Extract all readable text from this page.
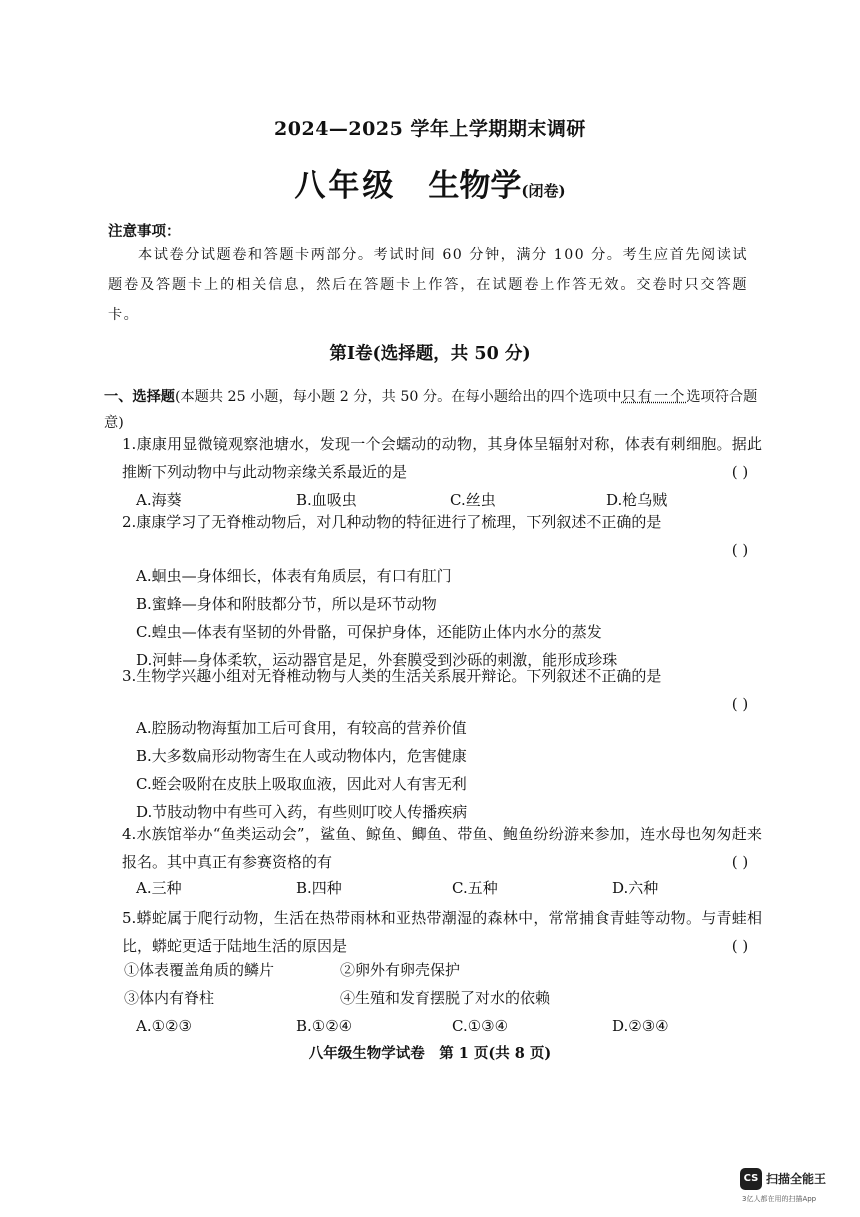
2024—2025 学年上学期期末调研
八年级 生物学(闭卷)
注意事项：
本试卷分试题卷和答题卡两部分。考试时间 60 分钟，满分 100 分。考生应首先阅读试题卷及答题卡上的相关信息，然后在答题卡上作答，在试题卷上作答无效。交卷时只交答题卡。
第Ⅰ卷(选择题，共 50 分)
一、选择题(本题共 25 小题，每小题 2 分，共 50 分。在每小题给出的四个选项中只有一个选项符合题意)
1.康康用显微镜观察池塘水，发现一个会蠕动的动物，其身体呈辐射对称，体表有刺细胞。据此推断下列动物中与此动物亲缘关系最近的是	( )
A.海葵	B.血吸虫	C.丝虫	D.枪乌贼
2.康康学习了无脊椎动物后，对几种动物的特征进行了梳理，下列叙述不正确的是
( )
A.蛔虫—身体细长，体表有角质层，有口有肛门
B.蜜蜂—身体和附肢都分节，所以是环节动物
C.蝗虫—体表有坚韧的外骨骼，可保护身体，还能防止体内水分的蒸发
D.河蚌—身体柔软，运动器官是足，外套膜受到沙砾的刺激，能形成珍珠
3.生物学兴趣小组对无脊椎动物与人类的生活关系展开辩论。下列叙述不正确的是
( )
A.腔肠动物海蜇加工后可食用，有较高的营养价值
B.大多数扁形动物寄生在人或动物体内，危害健康
C.蛭会吸附在皮肤上吸取血液，因此对人有害无利
D.节肢动物中有些可入药，有些则叮咬人传播疾病
4.水族馆举办“鱼类运动会”，鲨鱼、鲸鱼、鲫鱼、带鱼、鲍鱼纷纷游来参加，连水母也匆匆赶来报名。其中真正有参赛资格的有	( )
A.三种	B.四种	C.五种	D.六种
5.蟒蛇属于爬行动物，生活在热带雨林和亚热带潮湿的森林中，常常捕食青蛙等动物。与青蛙相比，蟒蛇更适于陆地生活的原因是	( )
①体表覆盖角质的鳞片	②卵外有卵壳保护
③体内有脊柱	④生殖和发育摆脱了对水的依赖
A.①②③	B.①②④	C.①③④	D.②③④
八年级生物学试卷　第 1 页(共 8 页)
CS 扫描全能王
3亿人都在用的扫描App
